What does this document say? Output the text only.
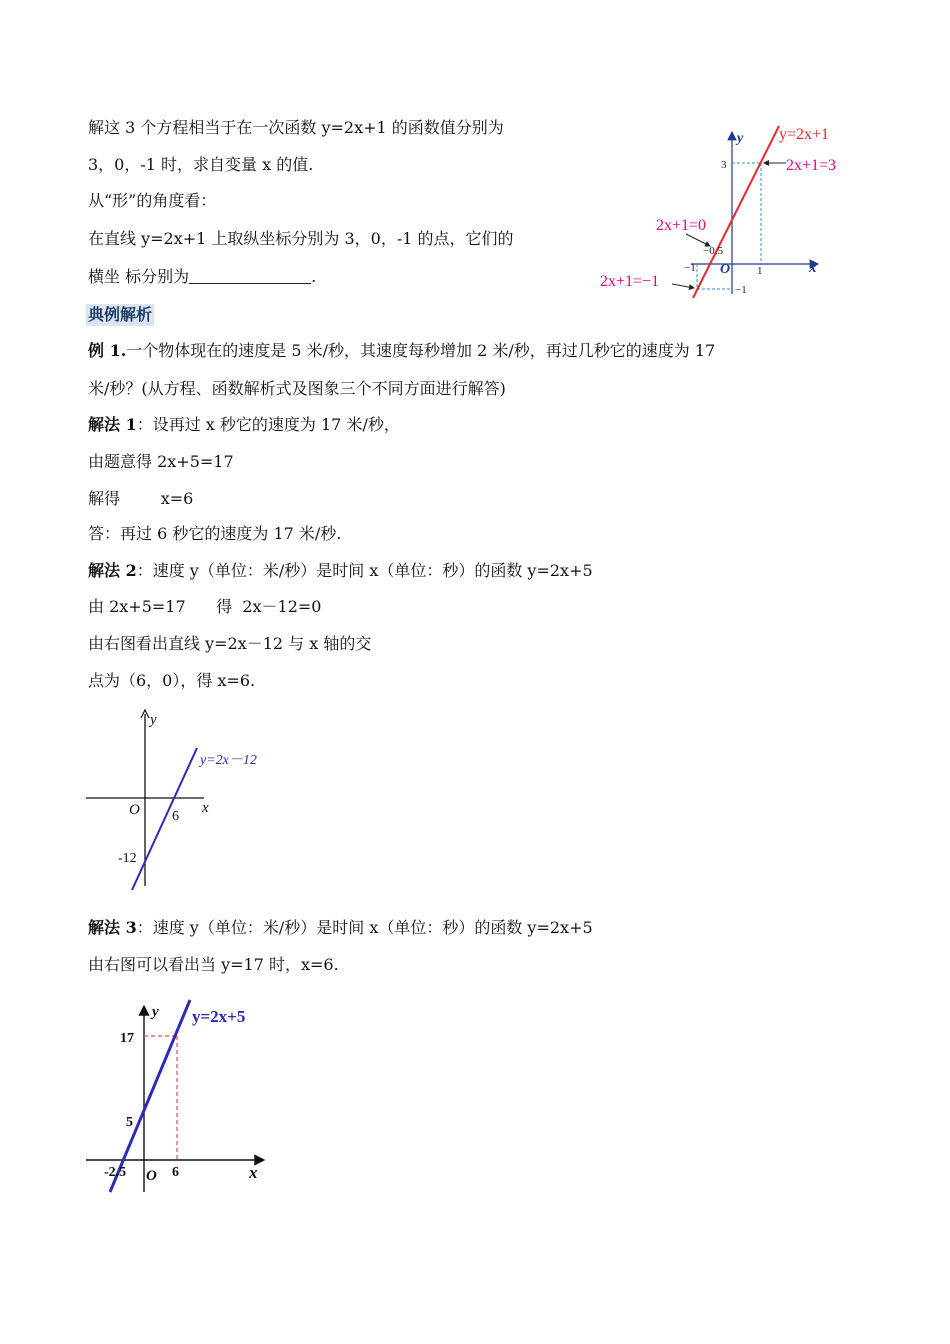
解这 3 个方程相当于在一次函数 y=2x+1 的函数值分别为
3，0，-1 时，求自变量 x 的值.
从“形”的角度看：
在直线 y=2x+1 上取纵坐标分别为 3，0，-1 的点，它们的
横坐 标分别为	.
y=2x+1
y
x
O
3
−1
1
−1
−0.5
2x+1=3
2x+1=0
2x+1=−1
典例解析
例 1.一个物体现在的速度是 5 米/秒，其速度每秒增加 2 米/秒，再过几秒它的速度为 17
米/秒？(从方程、函数解析式及图象三个不同方面进行解答)
解法 1：设再过 x 秒它的速度为 17 米/秒，
由题意得 2x+5=17
解得        x=6
答：再过 6 秒它的速度为 17 米/秒.
解法 2：速度 y（单位：米/秒）是时间 x（单位：秒）的函数 y=2x+5
由 2x+5=17      得  2x－12=0
由右图看出直线 y=2x－12 与 x 轴的交
点为（6，0），得 x=6.
y=2x－12
y
x
O 6
-12
解法 3：速度 y（单位：米/秒）是时间 x（单位：秒）的函数 y=2x+5
由右图可以看出当 y=17 时，x=6.
y=2x+5
y
x
O
17
5
6
-2.5
